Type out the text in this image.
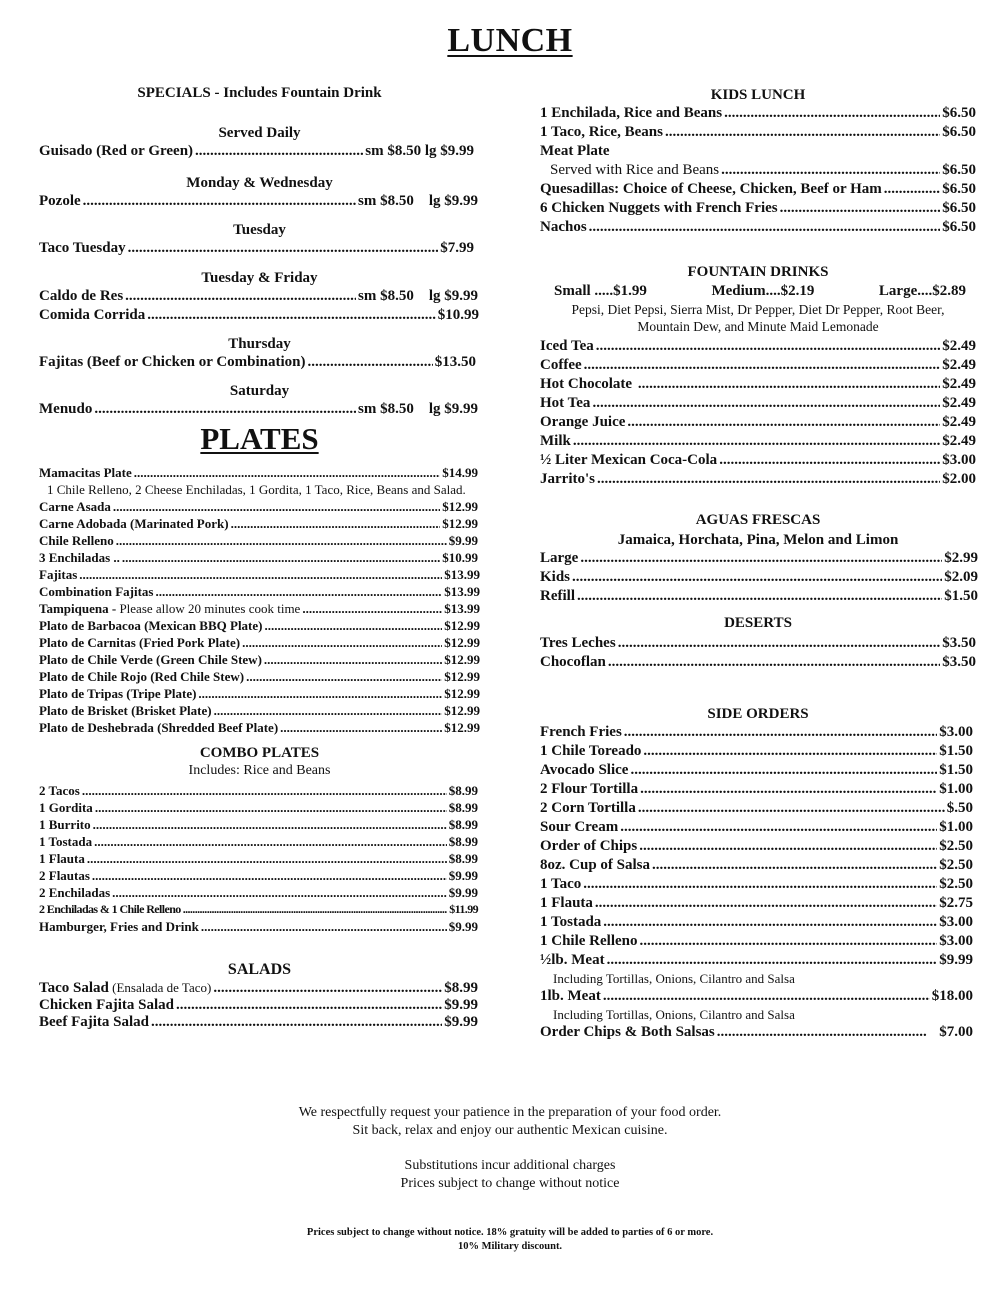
LUNCH
SPECIALS - Includes Fountain Drink
Served Daily
Guisado (Red or Green) .....	sm $8.50 lg $9.99
Monday & Wednesday
Pozole .....	sm $8.50    lg $9.99
Tuesday
Taco Tuesday .....	$7.99
Tuesday & Friday
Caldo de Res .....	sm $8.50    lg $9.99
Comida Corrida .....	$10.99
Thursday
Fajitas (Beef or Chicken or Combination) .....	$13.50
Saturday
Menudo .....	sm $8.50    lg $9.99
PLATES
Mamacitas Plate .....	$14.99
1 Chile Relleno, 2 Cheese Enchiladas, 1 Gordita, 1 Taco, Rice, Beans and Salad.
Carne Asada .....	$12.99
Carne Adobada (Marinated Pork) .....	$12.99
Chile Relleno .....	$9.99
3 Enchiladas .. .....	$10.99
Fajitas .....	$13.99
Combination Fajitas .....	$13.99
Tampiquena - Please allow 20 minutes cook time .....	$13.99
Plato de Barbacoa (Mexican BBQ Plate) .....	$12.99
Plato de Carnitas (Fried Pork Plate) .....	$12.99
Plato de Chile Verde (Green Chile Stew) .....	$12.99
Plato de Chile Rojo (Red Chile Stew) .....	$12.99
Plato de Tripas (Tripe Plate) .....	$12.99
Plato de Brisket (Brisket Plate) .....	$12.99
Plato de Deshebrada (Shredded Beef Plate) .....	$12.99
COMBO PLATES
Includes: Rice and Beans
2 Tacos .....	$8.99
1 Gordita .....	$8.99
1 Burrito .....	$8.99
1 Tostada .....	$8.99
1 Flauta .....	$8.99
2 Flautas .....	$9.99
2 Enchiladas .....	$9.99
2 Enchiladas & 1 Chile Relleno .....	$11.99
Hamburger, Fries and Drink .....	$9.99
SALADS
Taco Salad (Ensalada de Taco) .....	$8.99
Chicken Fajita Salad .....	$9.99
Beef Fajita Salad .....	$9.99
KIDS LUNCH
1 Enchilada, Rice and Beans .....	$6.50
1 Taco, Rice, Beans .....	$6.50
Meat Plate
Served with Rice and Beans .....	$6.50
Quesadillas: Choice of Cheese, Chicken, Beef or Ham .....	$6.50
6 Chicken Nuggets with French Fries .....	$6.50
Nachos .....	$6.50
FOUNTAIN DRINKS
Small .....$1.99	Medium....$2.19	Large....$2.89
Pepsi, Diet Pepsi, Sierra Mist, Dr Pepper, Diet Dr Pepper, Root Beer,
Mountain Dew, and Minute Maid Lemonade
Iced Tea .....	$2.49
Coffee .....	$2.49
Hot Chocolate .....	$2.49
Hot Tea .....	$2.49
Orange Juice .....	$2.49
Milk .....	$2.49
½ Liter Mexican Coca-Cola .....	$3.00
Jarrito's .....	$2.00
AGUAS FRESCAS
Jamaica, Horchata, Pina, Melon and Limon
Large .....	$2.99
Kids .....	$2.09
Refill .....	$1.50
DESERTS
Tres Leches .....	$3.50
Chocoflan .....	$3.50
SIDE ORDERS
French Fries .....	$3.00
1 Chile Toreado .....	$1.50
Avocado Slice .....	$1.50
2 Flour Tortilla .....	$1.00
2 Corn Tortilla .....	$.50
Sour Cream .....	$1.00
Order of Chips .....	$2.50
8oz. Cup of Salsa .....	$2.50
1 Taco .....	$2.50
1 Flauta .....	$2.75
1 Tostada .....	$3.00
1 Chile Relleno .....	$3.00
½lb. Meat .....	$9.99
Including Tortillas, Onions, Cilantro and Salsa
1lb. Meat .....	$18.00
Including Tortillas, Onions, Cilantro and Salsa
Order Chips & Both Salsas .....	$7.00
We respectfully request your patience in the preparation of your food order.
Sit back, relax and enjoy our authentic Mexican cuisine.
Substitutions incur additional charges
Prices subject to change without notice
Prices subject to change without notice. 18% gratuity will be added to parties of 6 or more.
10% Military discount.
